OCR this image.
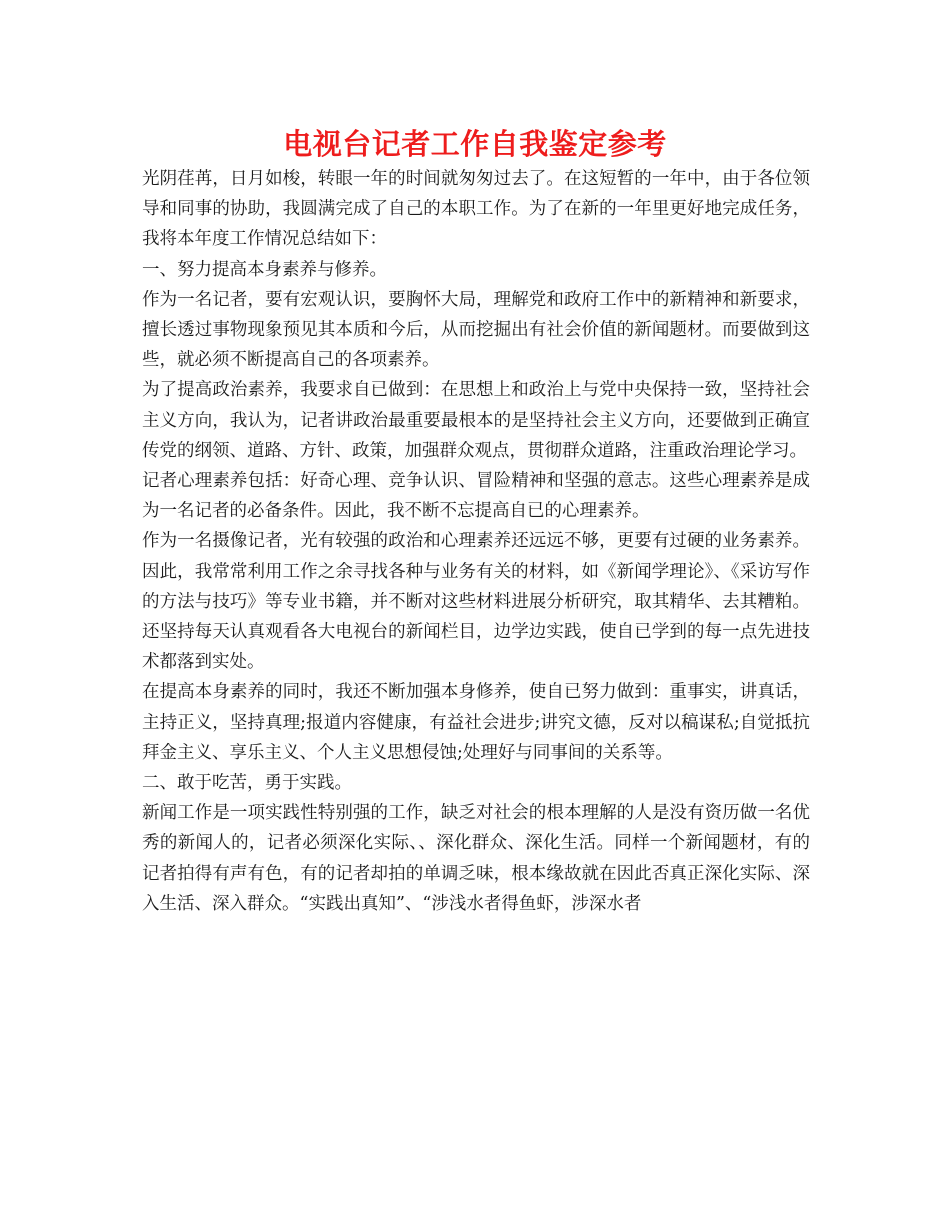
电视台记者工作自我鉴定参考

光阴荏苒，日月如梭，转眼一年的时间就匆匆过去了。在这短暂的一年中，由于各位领导和同事的协助，我圆满完成了自己的本职工作。为了在新的一年里更好地完成任务，我将本年度工作情况总结如下：

一、努力提高本身素养与修养。

作为一名记者，要有宏观认识，要胸怀大局，理解党和政府工作中的新精神和新要求，擅长透过事物现象预见其本质和今后，从而挖掘出有社会价值的新闻题材。而要做到这些，就必须不断提高自己的各项素养。

为了提高政治素养，我要求自已做到：在思想上和政治上与党中央保持一致，坚持社会主义方向，我认为，记者讲政治最重要最根本的是坚持社会主义方向，还要做到正确宣传党的纲领、道路、方针、政策，加强群众观点，贯彻群众道路，注重政治理论学习。

记者心理素养包括：好奇心理、竞争认识、冒险精神和坚强的意志。这些心理素养是成为一名记者的必备条件。因此，我不断不忘提高自已的心理素养。

作为一名摄像记者，光有较强的政治和心理素养还远远不够，更要有过硬的业务素养。因此，我常常利用工作之余寻找各种与业务有关的材料，如《新闻学理论》、《采访写作的方法与技巧》等专业书籍，并不断对这些材料进展分析研究，取其精华、去其糟粕。还坚持每天认真观看各大电视台的新闻栏目，边学边实践，使自已学到的每一点先进技术都落到实处。

在提高本身素养的同时，我还不断加强本身修养，使自已努力做到：重事实，讲真话，主持正义，坚持真理;报道内容健康，有益社会进步;讲究文德，反对以稿谋私;自觉抵抗拜金主义、享乐主义、个人主义思想侵蚀;处理好与同事间的关系等。

二、敢于吃苦，勇于实践。

新闻工作是一项实践性特别强的工作，缺乏对社会的根本理解的人是没有资历做一名优秀的新闻人的，记者必须深化实际、、深化群众、深化生活。同样一个新闻题材，有的记者拍得有声有色，有的记者却拍的单调乏味，根本缘故就在因此否真正深化实际、深入生活、深入群众。“实践出真知”、“涉浅水者得鱼虾，涉深水者
